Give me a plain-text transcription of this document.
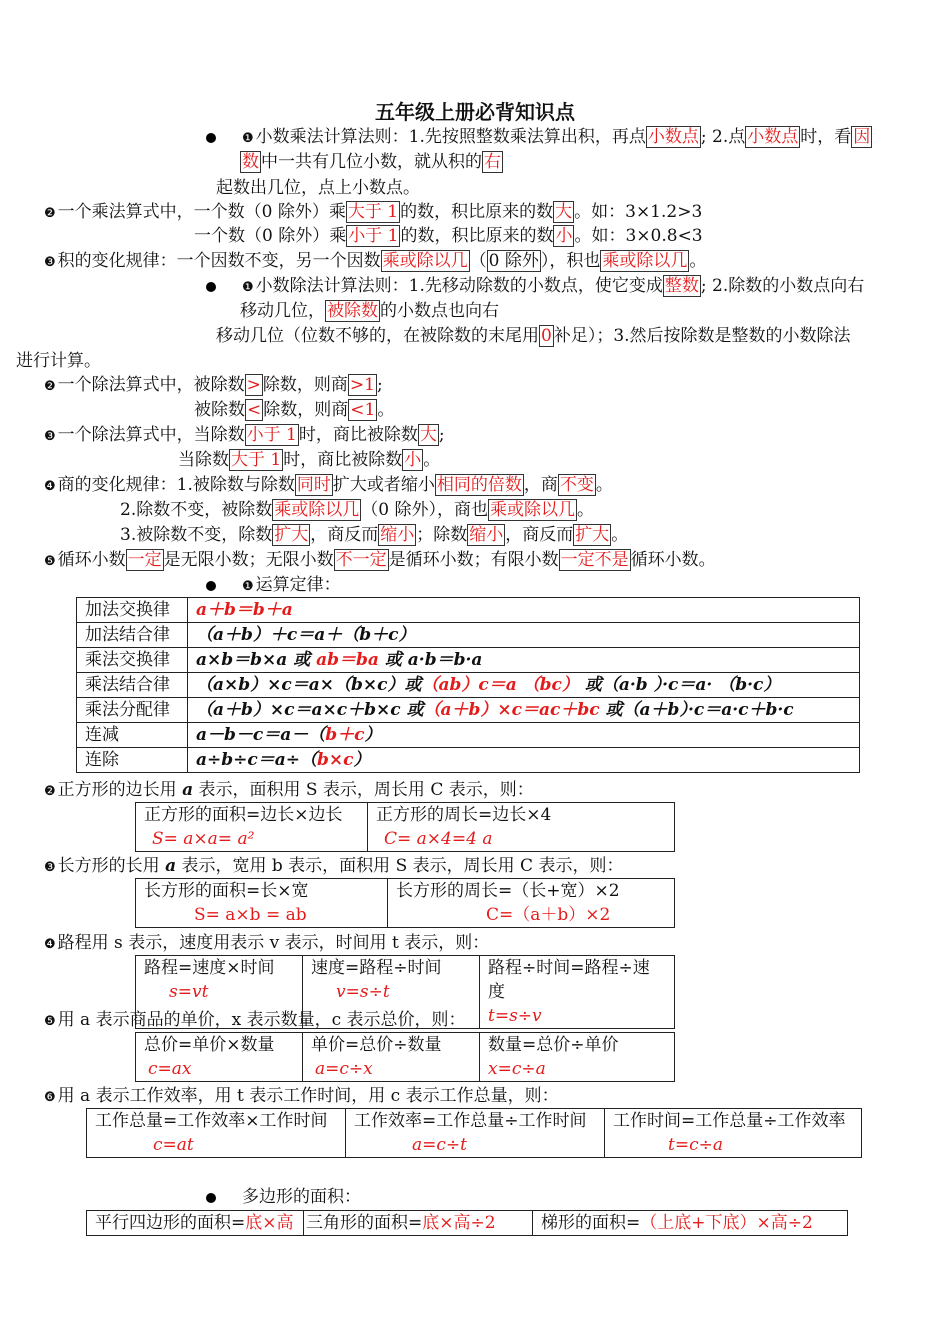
五年级上册必背知识点
❶ 小数乘法计算法则：1.先按照整数乘法算出积，再点 小数点 ; 2.点 小数点 时，看 因
数 中一共有几位小数，就从积的 右
起数出几位，点上小数点。
❷ 一个乘法算式中，一个数（0 除外）乘 大于 1 的数，积比原来的数 大 。如：3×1.2>3
一个数（0 除外）乘 小于 1 的数，积比原来的数 小 。如：3×0.8<3
❸ 积的变化规律：一个因数不变，另一个因数 乘或除以几 （ 0 除外 ），积也 乘或除以几 。
❶ 小数除法计算法则：1.先移动除数的小数点，使它变成 整数 ; 2.除数的小数点向右
移动几位， 被除数 的小数点也向右
移动几位（位数不够的，在被除数的末尾用 0 补足）；3.然后按除数是整数的小数除法
进行计算。
❷ 一个除法算式中，被除数 > 除数，则商 >1 ;
被除数 < 除数，则商 <1 。
❸ 一个除法算式中，当除数 小于 1 时，商比被除数 大 ;
当除数 大于 1 时，商比被除数 小 。
❹ 商的变化规律：1.被除数与除数 同时 扩大或者缩小 相同的倍数 ，商 不变 。
2.除数不变，被除数 乘或除以几 （0 除外），商也 乘或除以几 。
3.被除数不变，除数 扩大 ，商反而 缩小 ；除数 缩小 ，商反而 扩大 。
❺ 循环小数 一定 是无限小数；无限小数 不一定 是循环小数；有限小数 一定不是 循环小数。
❶ 运算定律：
加法交换律	a＋b＝b＋a
加法结合律	（a＋b）＋c＝a＋（b＋c）
乘法交换律	a×b＝b×a 或 ab＝ba 或 a·b＝b·a
乘法结合律	（a×b）×c＝a×（b×c）或（ab）c＝a （bc） 或（a·b ）·c＝a· （b·c）
乘法分配律	（a＋b）×c＝a×c＋b×c 或（a＋b）×c＝ac＋bc 或（a＋b）·c＝a·c＋b·c
连减	a－b－c＝a－（b＋c）
连除	a÷b÷c＝a÷（b×c）
❷ 正方形的边长用 a 表示，面积用 S 表示，周长用 C 表示，则：
正方形的面积=边长×边长
S= a×a= a²

正方形的周长=边长×4
C= a×4=4 a
❸ 长方形的长用 a 表示，宽用 b 表示，面积用 S 表示，周长用 C 表示，则：
长方形的面积=长×宽
S= a×b = ab

长方形的周长=（长+宽）×2
C=（a＋b）×2
❹ 路程用 s 表示，速度用表示 v 表示，时间用 t 表示，则：
路程=速度×时间
s=vt

速度=路程÷时间
v=s÷t

路程÷时间=路程÷速度
t=s÷v
❺ 用 a 表示商品的单价，x 表示数量，c 表示总价，则：
总价=单价×数量
c=ax

单价=总价÷数量
a=c÷x

数量=总价÷单价
x=c÷a
❻ 用 a 表示工作效率，用 t 表示工作时间，用 c 表示工作总量，则：
工作总量=工作效率×工作时间
c=at

工作效率=工作总量÷工作时间
a=c÷t

工作时间=工作总量÷工作效率
t=c÷a
多边形的面积：
平行四边形的面积=底×高	三角形的面积=底×高÷2	梯形的面积=（上底+下底）×高÷2
